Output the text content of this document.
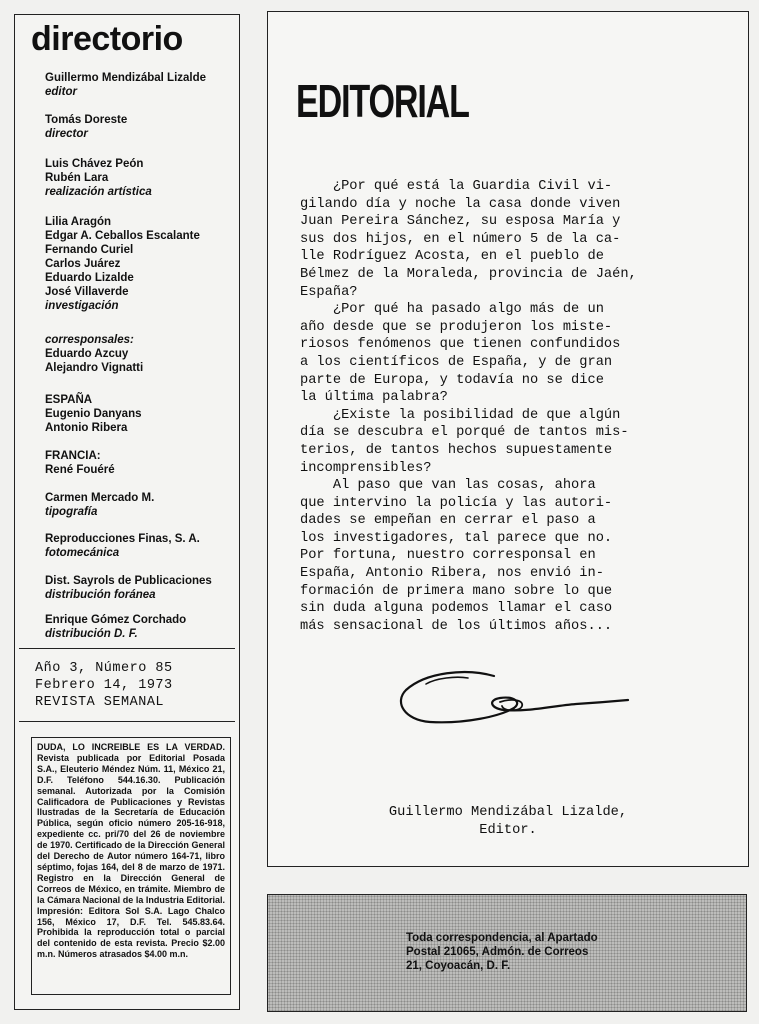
directorio
Guillermo Mendizábal Lizalde
editor
Tomás Doreste
director
Luis Chávez Peón
Rubén Lara
realización artística
Lilia Aragón
Edgar A. Ceballos Escalante
Fernando Curiel
Carlos Juárez
Eduardo Lizalde
José Villaverde
investigación
corresponsales:
Eduardo Azcuy
Alejandro Vignatti
ESPAÑA
Eugenio Danyans
Antonio Ribera
FRANCIA:
René Fouéré
Carmen Mercado M.
tipografía
Reproducciones Finas, S. A.
fotomecánica
Dist. Sayrols de Publicaciones
distribución foránea
Enrique Gómez Corchado
distribución D. F.
Año 3, Número 85
Febrero 14, 1973
REVISTA SEMANAL

DUDA, LO INCREIBLE ES LA VERDAD. Revista publicada por Editorial Posada S.A., Eleuterio Méndez Núm. 11, México 21, D.F. Teléfono 544.16.30. Publicación semanal. Autorizada por la Comisión Calificadora de Publicaciones y Revistas Ilustradas de la Secretaría de Educación Pública, según oficio número 205-16-918, expediente cc. pri/70 del 26 de noviembre de 1970. Certificado de la Dirección General del Derecho de Autor número 164-71, libro séptimo, fojas 164, del 8 de marzo de 1971. Registro en la Dirección General de Correos de México, en trámite. Miembro de la Cámara Nacional de la Industria Editorial. Impresión: Editora Sol S.A. Lago Chalco 156, México 17, D.F. Tel. 545.83.64. Prohibida la reproducción total o parcial del contenido de esta revista. Precio $2.00 m.n. Números atrasados $4.00 m.n.

EDITORIAL
¿Por qué está la Guardia Civil vi-
gilando día y noche la casa donde viven
Juan Pereira Sánchez, su esposa María y
sus dos hijos, en el número 5 de la ca-
lle Rodríguez Acosta, en el pueblo de
Bélmez de la Moraleda, provincia de Jaén,
España?
¿Por qué ha pasado algo más de un
año desde que se produjeron los miste-
riosos fenómenos que tienen confundidos
a los científicos de España, y de gran
parte de Europa, y todavía no se dice
la última palabra?
¿Existe la posibilidad de que algún
día se descubra el porqué de tantos mis-
terios, de tantos hechos supuestamente
incomprensibles?
Al paso que van las cosas, ahora
que intervino la policía y las autori-
dades se empeñan en cerrar el paso a
los investigadores, tal parece que no.
Por fortuna, nuestro corresponsal en
España, Antonio Ribera, nos envió in-
formación de primera mano sobre lo que
sin duda alguna podemos llamar el caso
más sensacional de los últimos años...
Guillermo Mendizábal Lizalde,
Editor.
Toda correspondencia, al Apartado
Postal 21065, Admón. de Correos
21, Coyoacán, D. F.
